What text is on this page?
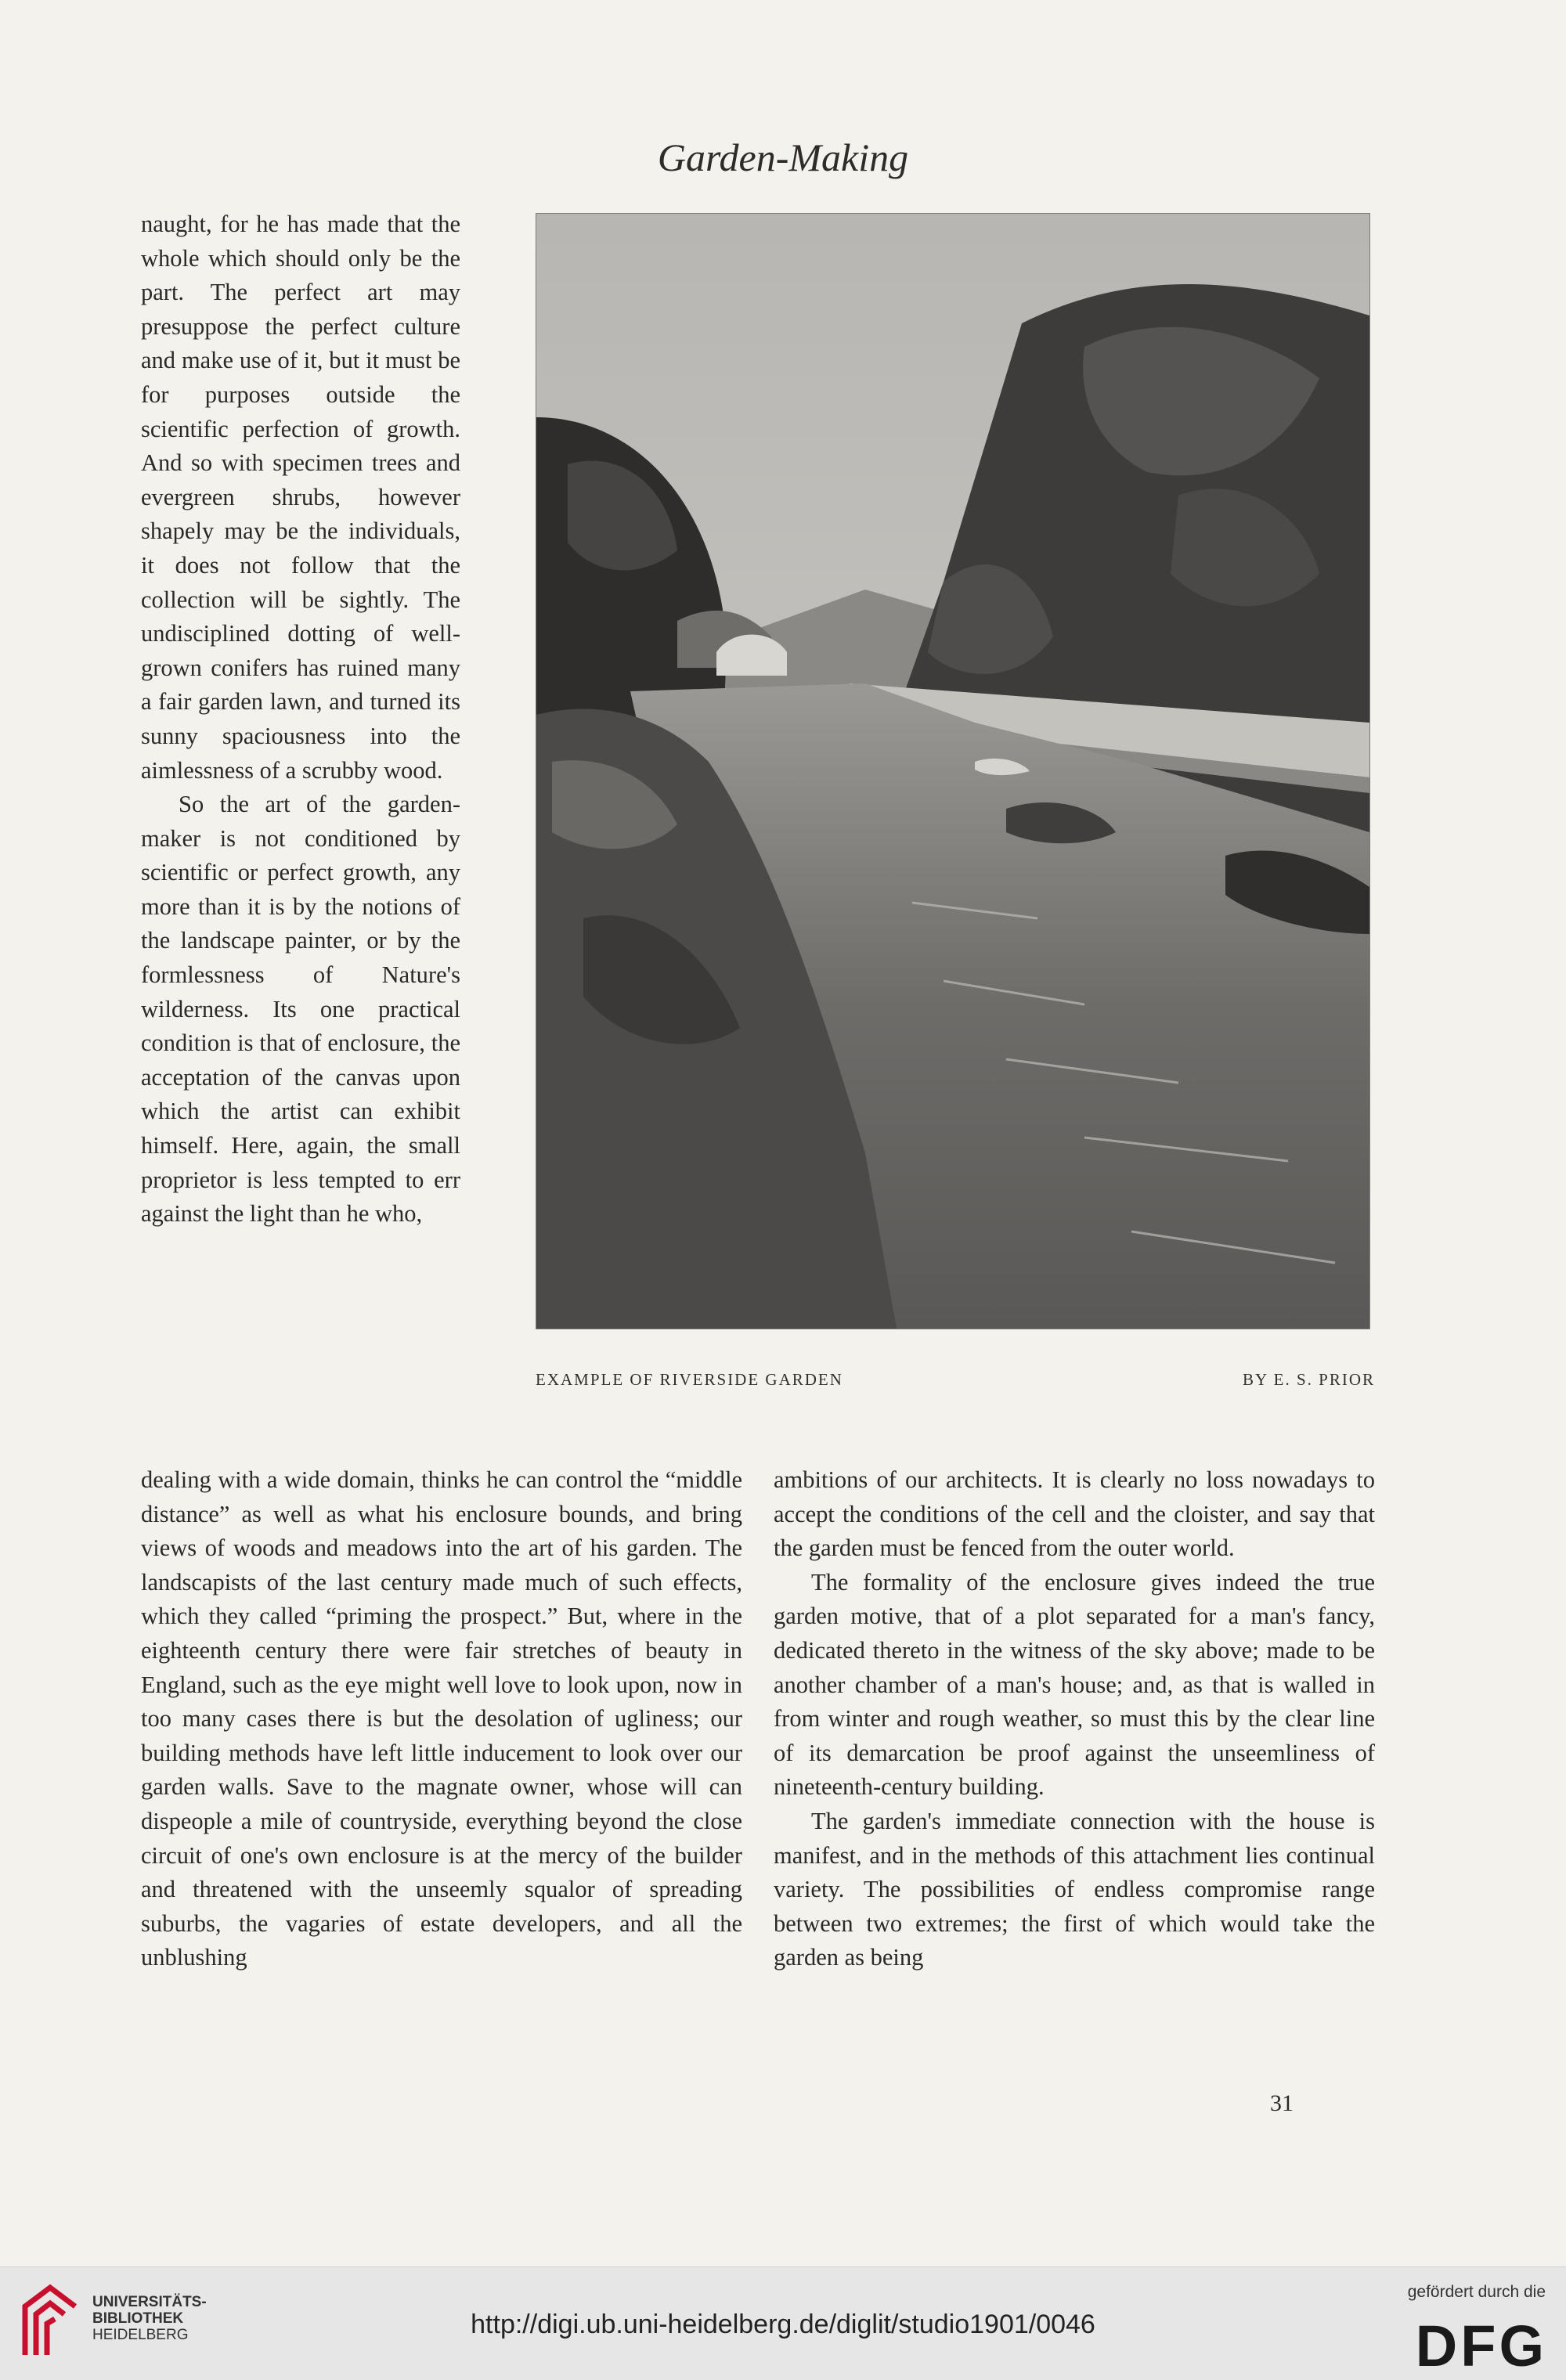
Garden-Making

naught, for he has made that the whole which should only be the part. The perfect art may presuppose the perfect culture and make use of it, but it must be for purposes outside the scientific perfection of growth. And so with specimen trees and evergreen shrubs, however shapely may be the individuals, it does not follow that the collection will be sightly. The undisciplined dotting of well-grown conifers has ruined many a fair garden lawn, and turned its sunny spaciousness into the aimlessness of a scrubby wood.

So the art of the garden-maker is not conditioned by scientific or perfect growth, any more than it is by the notions of the landscape painter, or by the formlessness of Nature's wilderness. Its one practical condition is that of enclosure, the acceptation of the canvas upon which the artist can exhibit himself. Here, again, the small proprietor is less tempted to err against the light than he who,

EXAMPLE OF RIVERSIDE GARDEN	BY E. S. PRIOR

dealing with a wide domain, thinks he can control the “middle distance” as well as what his enclosure bounds, and bring views of woods and meadows into the art of his garden. The landscapists of the last century made much of such effects, which they called “priming the prospect.” But, where in the eighteenth century there were fair stretches of beauty in England, such as the eye might well love to look upon, now in too many cases there is but the desolation of ugliness; our building methods have left little inducement to look over our garden walls. Save to the magnate owner, whose will can dispeople a mile of countryside, everything beyond the close circuit of one's own enclosure is at the mercy of the builder and threatened with the unseemly squalor of spreading suburbs, the vagaries of estate developers, and all the unblushing

ambitions of our architects. It is clearly no loss nowadays to accept the conditions of the cell and the cloister, and say that the garden must be fenced from the outer world.

The formality of the enclosure gives indeed the true garden motive, that of a plot separated for a man's fancy, dedicated thereto in the witness of the sky above; made to be another chamber of a man's house; and, as that is walled in from winter and rough weather, so must this by the clear line of its demarcation be proof against the unseemliness of nineteenth-century building.

The garden's immediate connection with the house is manifest, and in the methods of this attachment lies continual variety. The possibilities of endless compromise range between two extremes; the first of which would take the garden as being

31
UNIVERSITÄTS-
BIBLIOTHEK
HEIDELBERG	http://digi.ub.uni-heidelberg.de/diglit/studio1901/0046
gefördert durch die
DFG
